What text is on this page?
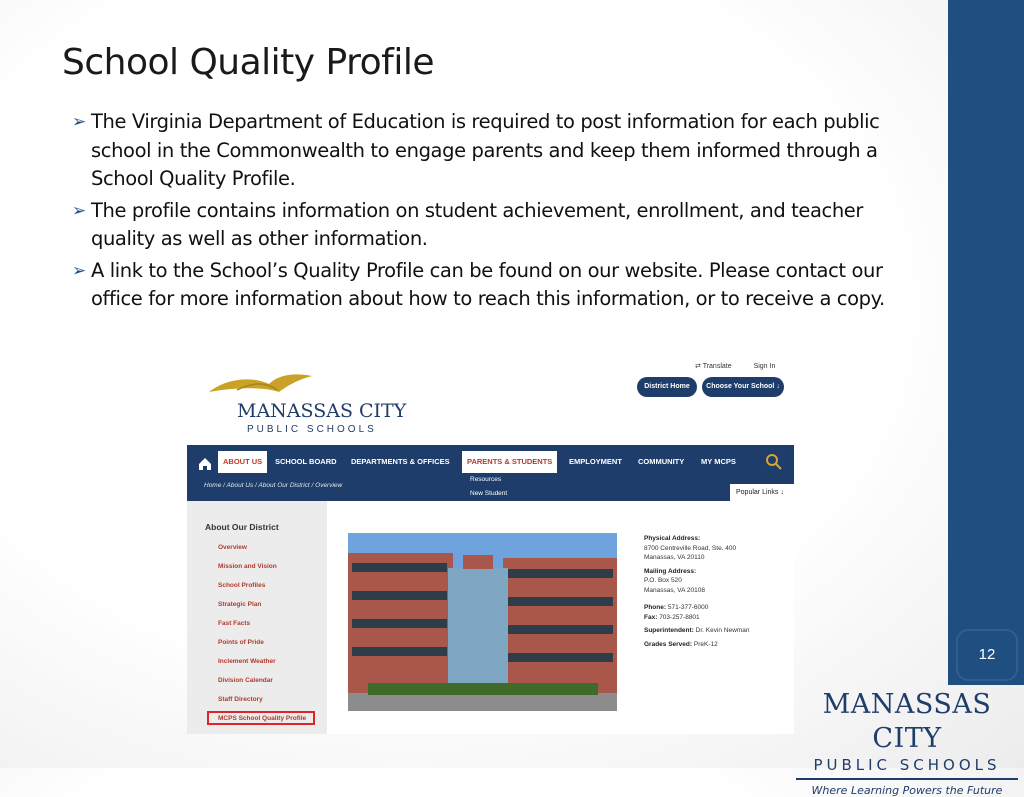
School Quality Profile
➢ The Virginia Department of Education is required to post information for each public school in the Commonwealth to engage parents and keep them informed through a School Quality Profile.
➢ The profile contains information on student achievement, enrollment, and teacher quality as well as other information.
➢ A link to the School’s Quality Profile can be found on our website. Please contact our office for more information about how to reach this information, or to receive a copy.
⇄ Translate	Sign In
District Home	Choose Your School ↓
MANASSAS CITY
PUBLIC SCHOOLS
ABOUT US	SCHOOL BOARD	DEPARTMENTS & OFFICES	PARENTS & STUDENTS	EMPLOYMENT	COMMUNITY	MY MCPS
Resources
New Student
Home / About Us / About Our District / Overview
Popular Links ↓
About Our District
Overview
Mission and Vision
School Profiles
Strategic Plan
Fast Facts
Points of Pride
Inclement Weather
Division Calendar
Staff Directory
MCPS School Quality Profile
Physical Address:
8700 Centreville Road, Ste. 400
Manassas, VA 20110
Mailing Address:
P.O. Box 520
Manassas, VA 20108
Phone: 571-377-6000
Fax: 703-257-8801
Superintendent: Dr. Kevin Newman
Grades Served: PreK-12
12
MANASSAS CITY
PUBLIC SCHOOLS
Where Learning Powers the Future
